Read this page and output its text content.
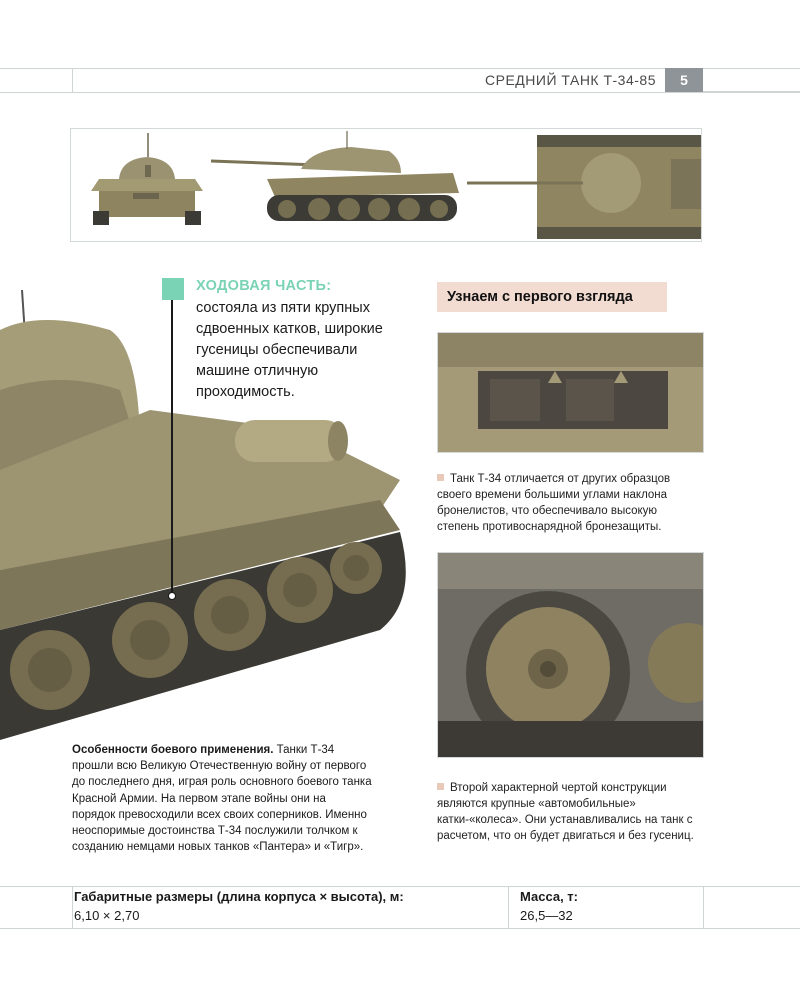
СРЕДНИЙ ТАНК Т-34-85	5
ХОДОВАЯ ЧАСТЬ:
состояла из пяти крупных сдвоенных катков, широкие гусеницы обеспечивали машине отличную проходимость.
Узнаем с первого взгляда
Танк Т-34 отличается от других образцов своего времени большими углами наклона бронелистов, что обеспечивало высокую степень противоснарядной бронезащиты.
Второй характерной чертой конструкции являются крупные «автомобильные» катки-«колеса». Они устанавливались на танк с расчетом, что он будет двигаться и без гусениц.
Особенности боевого применения. Танки Т-34 прошли всю Великую Отечественную войну от первого до последнего дня, играя роль основного боевого танка Красной Армии. На первом этапе войны они на порядок превосходили всех своих соперников. Именно неоспоримые достоинства Т-34 послужили толчком к созданию немцами новых танков «Пантера» и «Тигр».
Габаритные размеры (длина корпуса × высота), м:
6,10 × 2,70
Масса, т:
26,5—32
